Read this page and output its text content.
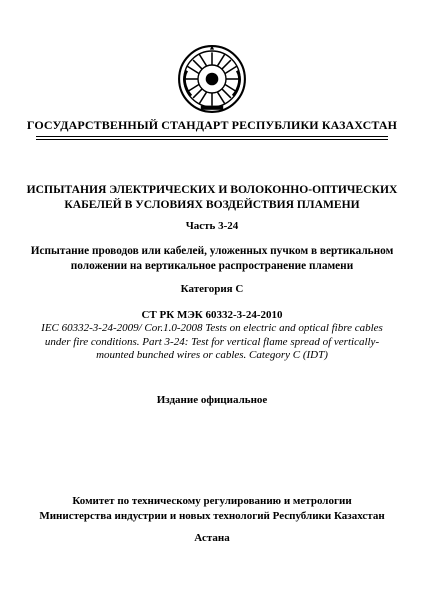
ГОСУДАРСТВЕННЫЙ СТАНДАРТ РЕСПУБЛИКИ КАЗАХСТАН
ИСПЫТАНИЯ ЭЛЕКТРИЧЕСКИХ И ВОЛОКОННО-ОПТИЧЕСКИХ
КАБЕЛЕЙ В УСЛОВИЯХ ВОЗДЕЙСТВИЯ ПЛАМЕНИ
Часть 3-24
Испытание проводов или кабелей, уложенных пучком в вертикальном
положении на вертикальное распространение пламени
Категория С
СТ РК МЭК 60332-3-24-2010
IEC 60332-3-24-2009/ Cor.1.0-2008 Tests on electric and optical fibre cables
under fire conditions. Part 3-24: Test for vertical flame spread of vertically-
mounted bunched wires or cables. Category C (IDT)
Издание официальное
Комитет по техническому регулированию и метрологии
Министерства индустрии и новых технологий Республики Казахстан
Астана
